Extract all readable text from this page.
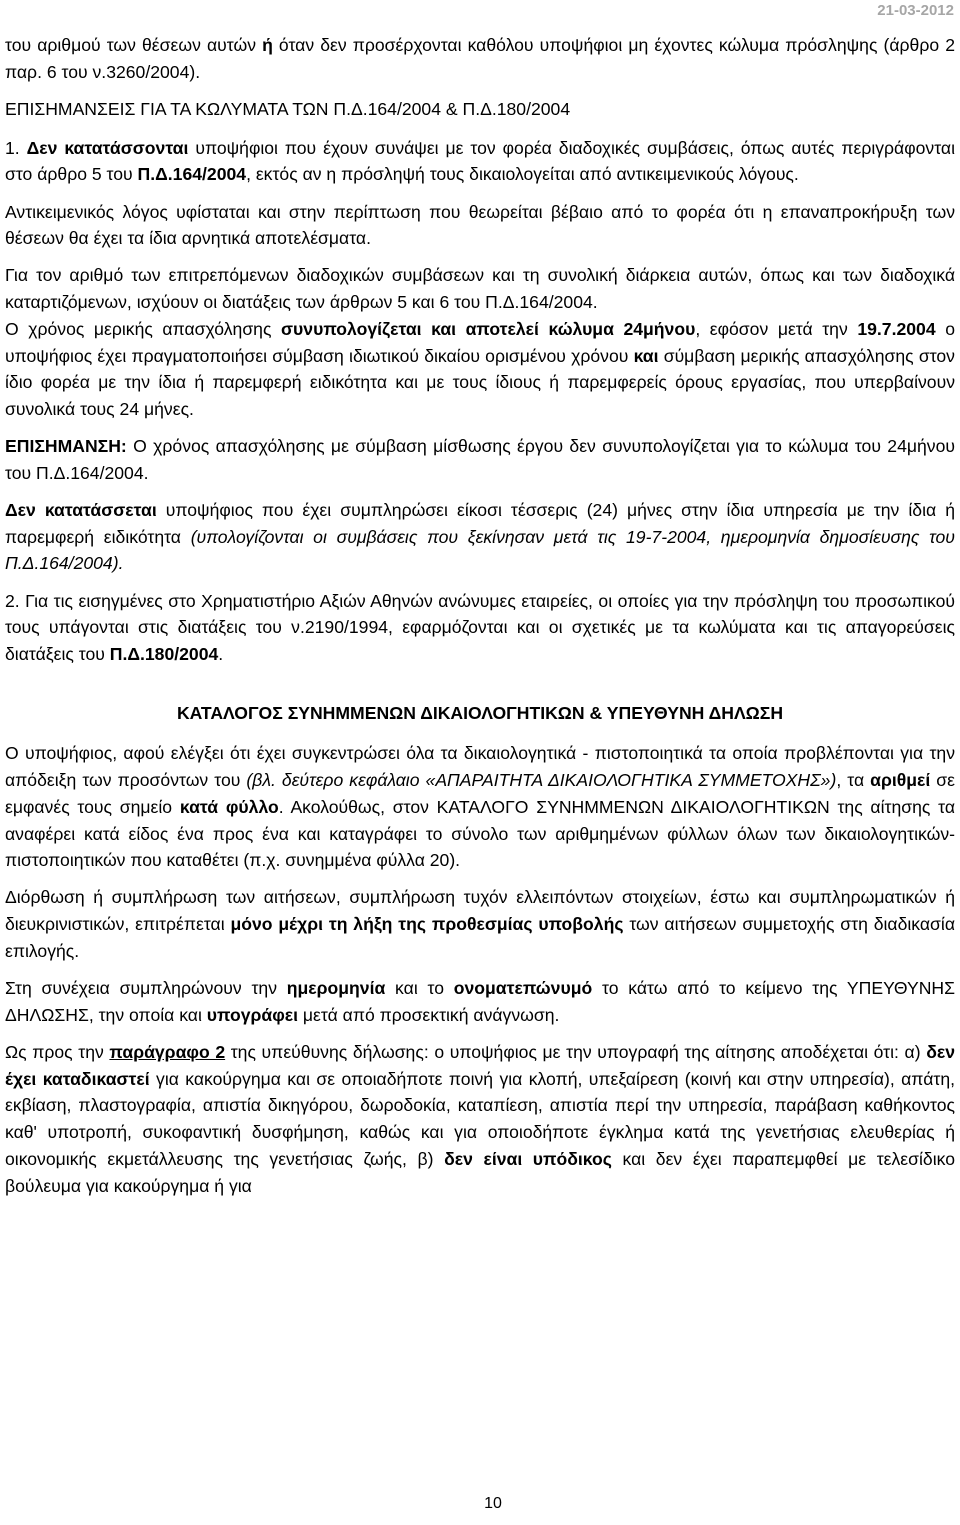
21-03-2012

του αριθμού των θέσεων αυτών ή όταν δεν προσέρχονται καθόλου υποψήφιοι μη έχοντες κώλυμα πρόσληψης (άρθρο 2 παρ. 6 του ν.3260/2004).

ΕΠΙΣΗΜΑΝΣΕΙΣ ΓΙΑ ΤΑ ΚΩΛΥΜΑΤΑ ΤΩΝ Π.Δ.164/2004 & Π.Δ.180/2004

1. Δεν κατατάσσονται υποψήφιοι που έχουν συνάψει με τον φορέα διαδοχικές συμβάσεις, όπως αυτές περιγράφονται στο άρθρο 5 του Π.Δ.164/2004, εκτός αν η πρόσληψή τους δικαιολογείται από αντικειμενικούς λόγους.

Αντικειμενικός λόγος υφίσταται και στην περίπτωση που θεωρείται βέβαιο από το φορέα ότι η επαναπροκήρυξη των θέσεων θα έχει τα ίδια αρνητικά αποτελέσματα.

Για τον αριθμό των επιτρεπόμενων διαδοχικών συμβάσεων και τη συνολική διάρκεια αυτών, όπως και των διαδοχικά καταρτιζόμενων, ισχύουν οι διατάξεις των άρθρων 5 και 6 του Π.Δ.164/2004.

Ο χρόνος μερικής απασχόλησης συνυπολογίζεται και αποτελεί κώλυμα 24μήνου, εφόσον μετά την 19.7.2004 ο υποψήφιος έχει πραγματοποιήσει σύμβαση ιδιωτικού δικαίου ορισμένου χρόνου και σύμβαση μερικής απασχόλησης στον ίδιο φορέα με την ίδια ή παρεμφερή ειδικότητα και με τους ίδιους ή παρεμφερείς όρους εργασίας, που υπερβαίνουν συνολικά τους 24 μήνες.

ΕΠΙΣΗΜΑΝΣΗ: Ο χρόνος απασχόλησης με σύμβαση μίσθωσης έργου δεν συνυπολογίζεται για το κώλυμα του 24μήνου του Π.Δ.164/2004.

Δεν κατατάσσεται υποψήφιος που έχει συμπληρώσει είκοσι τέσσερις (24) μήνες στην ίδια υπηρεσία με την ίδια ή παρεμφερή ειδικότητα (υπολογίζονται οι συμβάσεις που ξεκίνησαν μετά τις 19-7-2004, ημερομηνία δημοσίευσης του Π.Δ.164/2004).

2. Για τις εισηγμένες στο Χρηματιστήριο Αξιών Αθηνών ανώνυμες εταιρείες, οι οποίες για την πρόσληψη του προσωπικού τους υπάγονται στις διατάξεις του ν.2190/1994, εφαρμόζονται και οι σχετικές με τα κωλύματα και τις απαγορεύσεις διατάξεις του Π.Δ.180/2004.

ΚΑΤΑΛΟΓΟΣ ΣΥΝΗΜΜΕΝΩΝ ΔΙΚΑΙΟΛΟΓΗΤΙΚΩΝ & ΥΠΕΥΘΥΝΗ ΔΗΛΩΣΗ

Ο υποψήφιος, αφού ελέγξει ότι έχει συγκεντρώσει όλα τα δικαιολογητικά - πιστοποιητικά τα οποία προβλέπονται για την απόδειξη των προσόντων του (βλ. δεύτερο κεφάλαιο «ΑΠΑΡΑΙΤΗΤΑ ΔΙΚΑΙΟΛΟΓΗΤΙΚΑ ΣΥΜΜΕΤΟΧΗΣ»), τα αριθμεί σε εμφανές τους σημείο κατά φύλλο. Ακολούθως, στον ΚΑΤΑΛΟΓΟ ΣΥΝΗΜΜΕΝΩΝ ΔΙΚΑΙΟΛΟΓΗΤΙΚΩΝ της αίτησης τα αναφέρει κατά είδος ένα προς ένα και καταγράφει το σύνολο των αριθμημένων φύλλων όλων των δικαιολογητικών-πιστοποιητικών που καταθέτει (π.χ. συνημμένα φύλλα 20).

Διόρθωση ή συμπλήρωση των αιτήσεων, συμπλήρωση τυχόν ελλειπόντων στοιχείων, έστω και συμπληρωματικών ή διευκρινιστικών, επιτρέπεται μόνο μέχρι τη λήξη της προθεσμίας υποβολής των αιτήσεων συμμετοχής στη διαδικασία επιλογής.

Στη συνέχεια συμπληρώνουν την ημερομηνία και το ονοματεπώνυμό το κάτω από το κείμενο της ΥΠΕΥΘΥΝΗΣ ΔΗΛΩΣΗΣ, την οποία και υπογράφει μετά από προσεκτική ανάγνωση.

Ως προς την παράγραφο 2 της υπεύθυνης δήλωσης: ο υποψήφιος με την υπογραφή της αίτησης αποδέχεται ότι: α) δεν έχει καταδικαστεί για κακούργημα και σε οποιαδήποτε ποινή για κλοπή, υπεξαίρεση (κοινή και στην υπηρεσία), απάτη, εκβίαση, πλαστογραφία, απιστία δικηγόρου, δωροδοκία, καταπίεση, απιστία περί την υπηρεσία, παράβαση καθήκοντος καθ' υποτροπή, συκοφαντική δυσφήμηση, καθώς και για οποιοδήποτε έγκλημα κατά της γενετήσιας ελευθερίας ή οικονομικής εκμετάλλευσης της γενετήσιας ζωής, β) δεν είναι υπόδικος και δεν έχει παραπεμφθεί με τελεσίδικο βούλευμα για κακούργημα ή για

10
